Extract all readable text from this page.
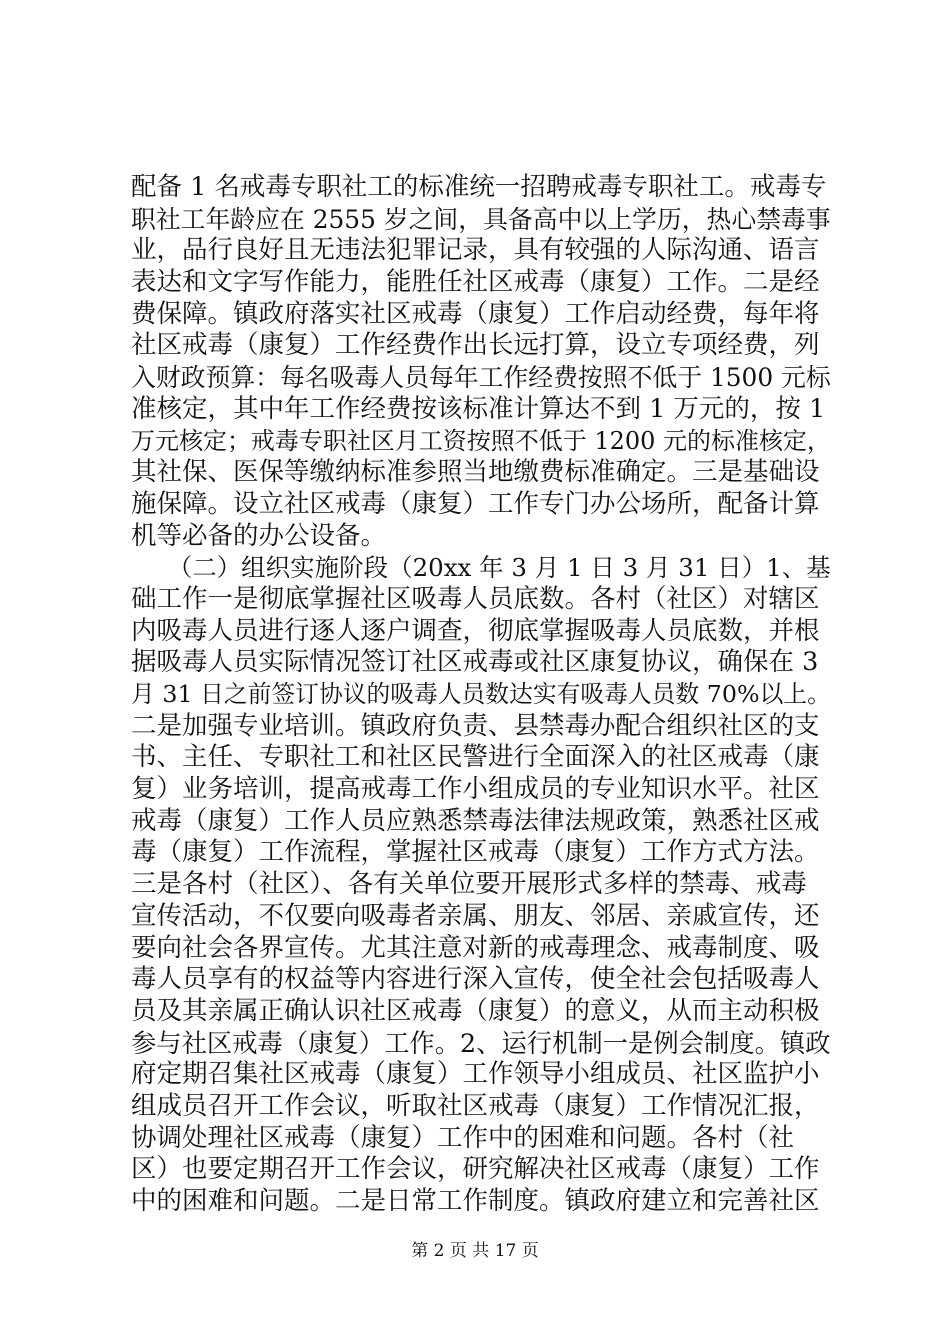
配备 1 名戒毒专职社工的标准统一招聘戒毒专职社工。戒毒专
职社工年龄应在 2555 岁之间，具备高中以上学历，热心禁毒事
业，品行良好且无违法犯罪记录，具有较强的人际沟通、语言
表达和文字写作能力，能胜任社区戒毒（康复）工作。二是经
费保障。镇政府落实社区戒毒（康复）工作启动经费，每年将
社区戒毒（康复）工作经费作出长远打算，设立专项经费，列
入财政预算：每名吸毒人员每年工作经费按照不低于 1500 元标
准核定，其中年工作经费按该标准计算达不到 1 万元的，按 1
万元核定；戒毒专职社区月工资按照不低于 1200 元的标准核定，
其社保、医保等缴纳标准参照当地缴费标准确定。三是基础设
施保障。设立社区戒毒（康复）工作专门办公场所，配备计算
机等必备的办公设备。
　　（二）组织实施阶段（20xx 年 3 月 1 日 3 月 31 日）1、基
础工作一是彻底掌握社区吸毒人员底数。各村（社区）对辖区
内吸毒人员进行逐人逐户调查，彻底掌握吸毒人员底数，并根
据吸毒人员实际情况签订社区戒毒或社区康复协议，确保在 3
月 31 日之前签订协议的吸毒人员数达实有吸毒人员数 70%以上。
二是加强专业培训。镇政府负责、县禁毒办配合组织社区的支
书、主任、专职社工和社区民警进行全面深入的社区戒毒（康
复）业务培训，提高戒毒工作小组成员的专业知识水平。社区
戒毒（康复）工作人员应熟悉禁毒法律法规政策，熟悉社区戒
毒（康复）工作流程，掌握社区戒毒（康复）工作方式方法。
三是各村（社区）、各有关单位要开展形式多样的禁毒、戒毒
宣传活动，不仅要向吸毒者亲属、朋友、邻居、亲戚宣传，还
要向社会各界宣传。尤其注意对新的戒毒理念、戒毒制度、吸
毒人员享有的权益等内容进行深入宣传，使全社会包括吸毒人
员及其亲属正确认识社区戒毒（康复）的意义，从而主动积极
参与社区戒毒（康复）工作。2、运行机制一是例会制度。镇政
府定期召集社区戒毒（康复）工作领导小组成员、社区监护小
组成员召开工作会议，听取社区戒毒（康复）工作情况汇报，
协调处理社区戒毒（康复）工作中的困难和问题。各村（社
区）也要定期召开工作会议，研究解决社区戒毒（康复）工作
中的困难和问题。二是日常工作制度。镇政府建立和完善社区
第 2 页 共 17 页
